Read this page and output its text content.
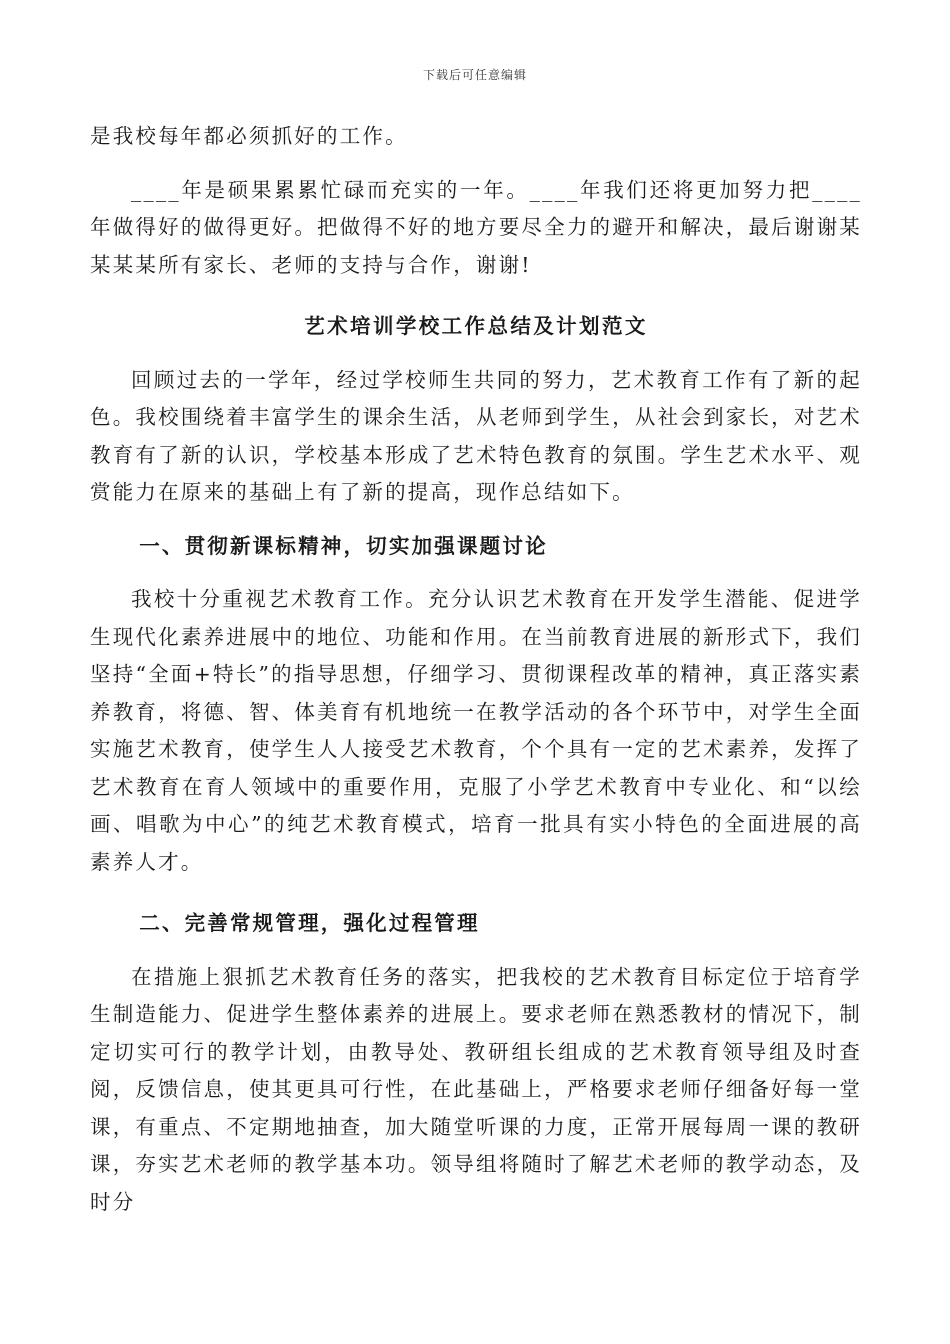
下载后可任意编辑

是我校每年都必须抓好的工作。

____年是硕果累累忙碌而充实的一年。____年我们还将更加努力把____年做得好的做得更好。把做得不好的地方要尽全力的避开和解决，最后谢谢某某某某所有家长、老师的支持与合作，谢谢!

艺术培训学校工作总结及计划范文

回顾过去的一学年，经过学校师生共同的努力，艺术教育工作有了新的起色。我校围绕着丰富学生的课余生活，从老师到学生，从社会到家长，对艺术教育有了新的认识，学校基本形成了艺术特色教育的氛围。学生艺术水平、观赏能力在原来的基础上有了新的提高，现作总结如下。

一、贯彻新课标精神，切实加强课题讨论

我校十分重视艺术教育工作。充分认识艺术教育在开发学生潜能、促进学生现代化素养进展中的地位、功能和作用。在当前教育进展的新形式下，我们坚持“全面+特长”的指导思想，仔细学习、贯彻课程改革的精神，真正落实素养教育，将德、智、体美育有机地统一在教学活动的各个环节中，对学生全面实施艺术教育，使学生人人接受艺术教育，个个具有一定的艺术素养，发挥了艺术教育在育人领域中的重要作用，克服了小学艺术教育中专业化、和“以绘画、唱歌为中心”的纯艺术教育模式，培育一批具有实小特色的全面进展的高素养人才。

二、完善常规管理，强化过程管理

在措施上狠抓艺术教育任务的落实，把我校的艺术教育目标定位于培育学生制造能力、促进学生整体素养的进展上。要求老师在熟悉教材的情况下，制定切实可行的教学计划，由教导处、教研组长组成的艺术教育领导组及时查阅，反馈信息，使其更具可行性，在此基础上，严格要求老师仔细备好每一堂课，有重点、不定期地抽查，加大随堂听课的力度，正常开展每周一课的教研课，夯实艺术老师的教学基本功。领导组将随时了解艺术老师的教学动态，及时分
